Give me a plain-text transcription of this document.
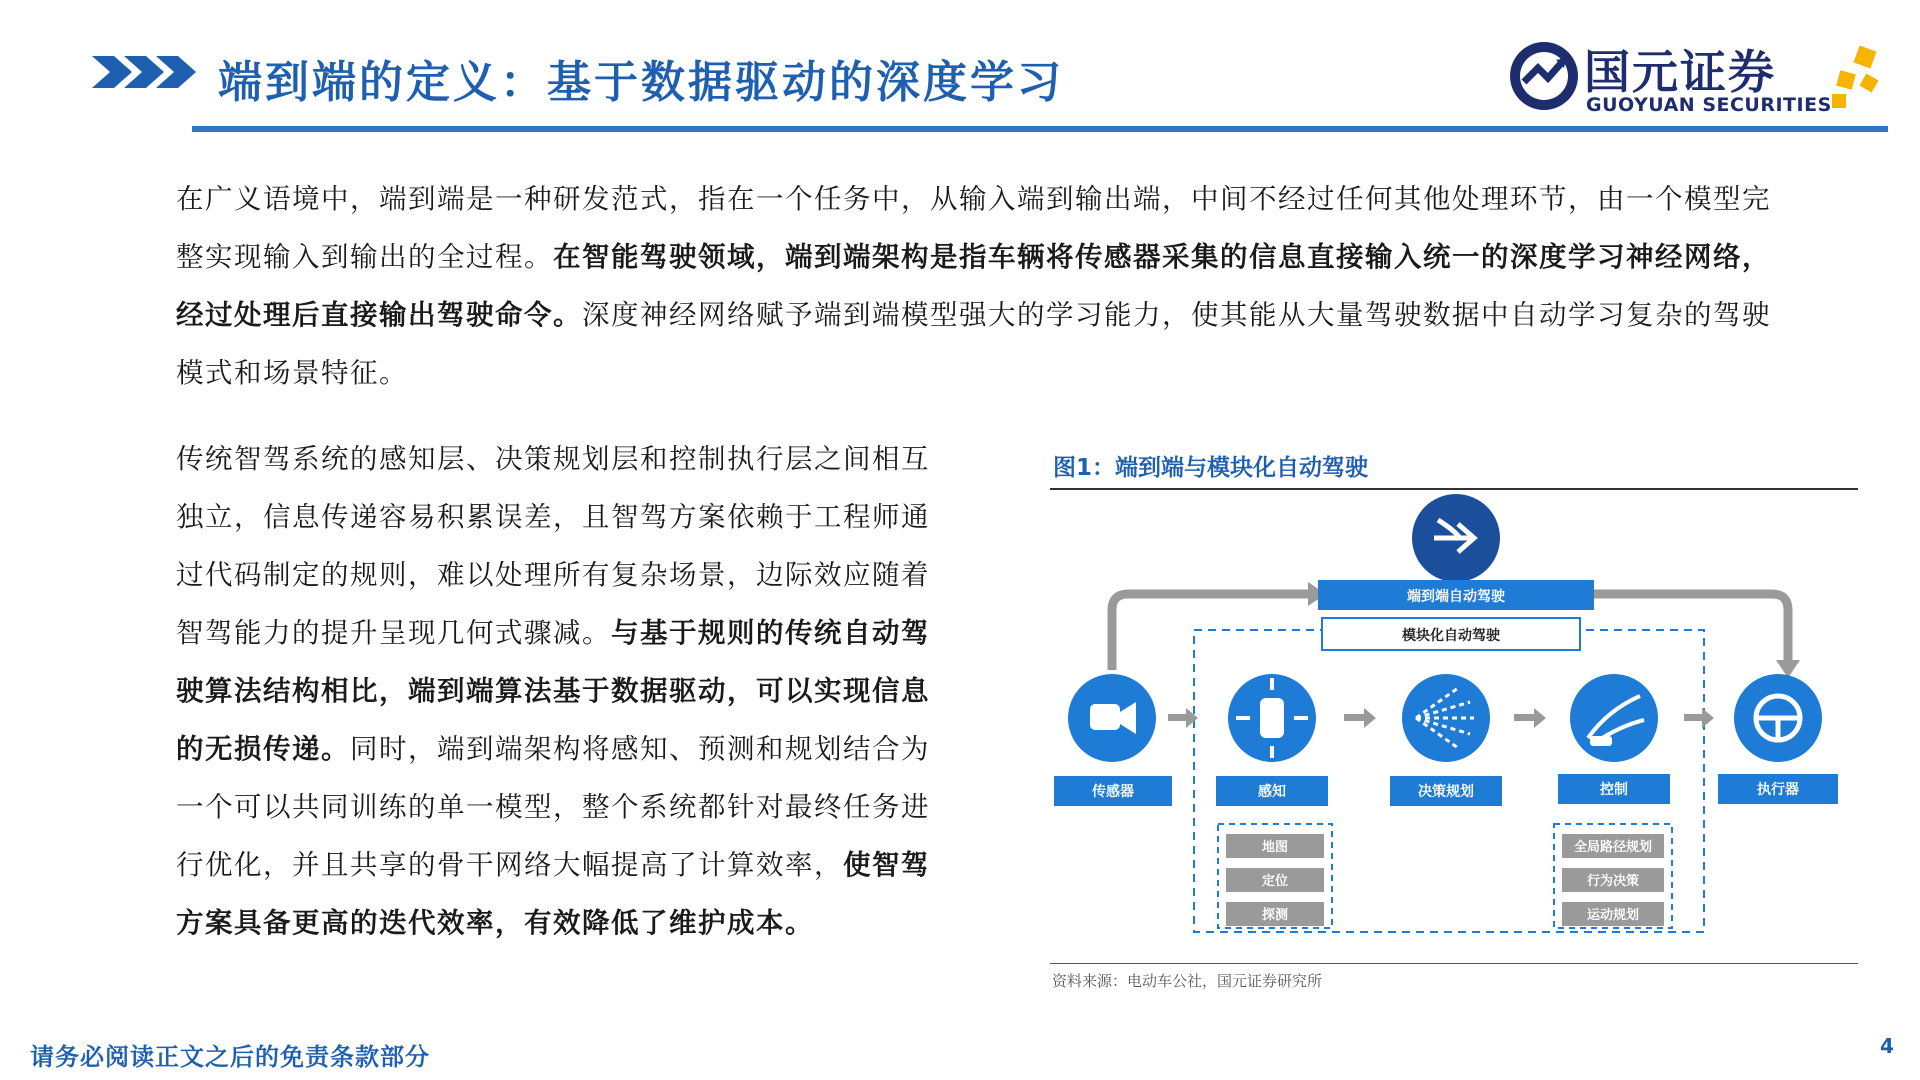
端到端的定义：基于数据驱动的深度学习	国元证券
GUOYUAN SECURITIES
在广义语境中，端到端是一种研发范式，指在一个任务中，从输入端到输出端，中间不经过任何其他处理环节，由一个模型完整实现输入到输出的全过程。在智能驾驶领域，端到端架构是指车辆将传感器采集的信息直接输入统一的深度学习神经网络，经过处理后直接输出驾驶命令。深度神经网络赋予端到端模型强大的学习能力，使其能从大量驾驶数据中自动学习复杂的驾驶模式和场景特征。
传统智驾系统的感知层、决策规划层和控制执行层之间相互独立，信息传递容易积累误差，且智驾方案依赖于工程师通过代码制定的规则，难以处理所有复杂场景，边际效应随着智驾能力的提升呈现几何式骤减。与基于规则的传统自动驾驶算法结构相比，端到端算法基于数据驱动，可以实现信息的无损传递。同时，端到端架构将感知、预测和规划结合为一个可以共同训练的单一模型，整个系统都针对最终任务进行优化，并且共享的骨干网络大幅提高了计算效率，使智驾方案具备更高的迭代效率，有效降低了维护成本。
图1：端到端与模块化自动驾驶
端到端自动驾驶
模块化自动驾驶
传感器	感知	决策规划	控制	执行器
地图
定位
探测
全局路径规划
行为决策
运动规划
资料来源：电动车公社，国元证券研究所
请务必阅读正文之后的免责条款部分	4
